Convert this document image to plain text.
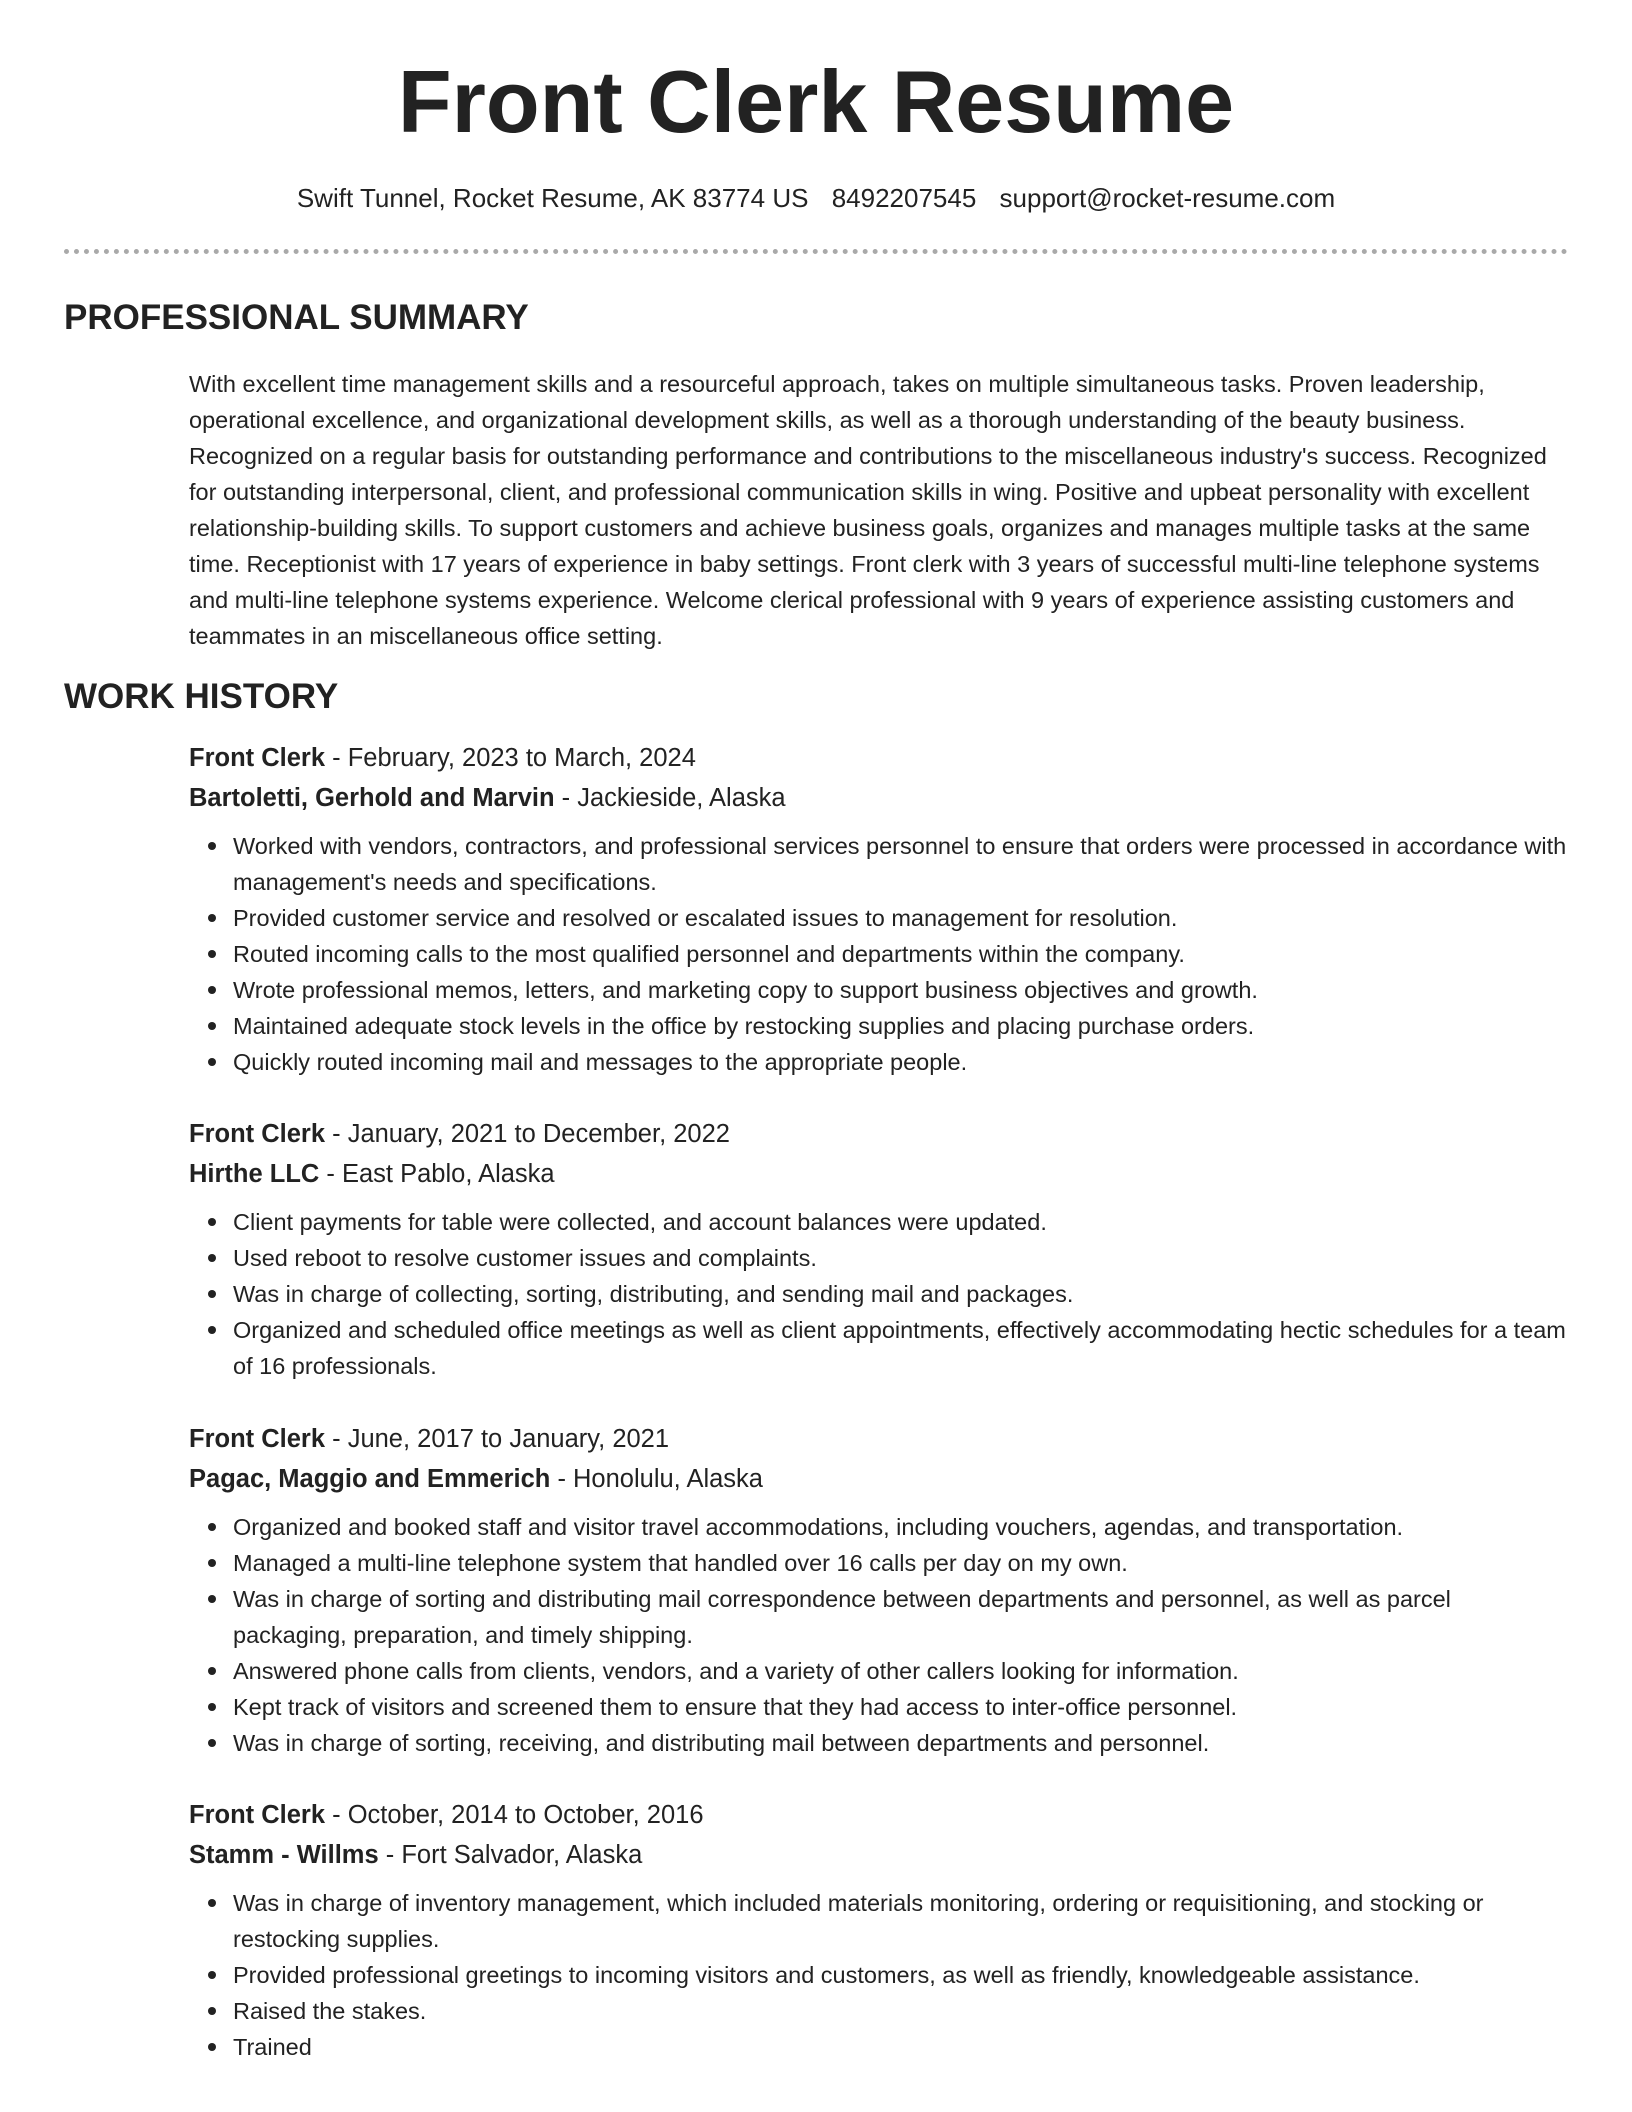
Front Clerk Resume
Swift Tunnel, Rocket Resume, AK 83774 US 8492207545 support@rocket-resume.com
PROFESSIONAL SUMMARY

With excellent time management skills and a resourceful approach, takes on multiple simultaneous tasks. Proven leadership, operational excellence, and organizational development skills, as well as a thorough understanding of the beauty business. Recognized on a regular basis for outstanding performance and contributions to the miscellaneous industry's success. Recognized for outstanding interpersonal, client, and professional communication skills in wing. Positive and upbeat personality with excellent relationship-building skills. To support customers and achieve business goals, organizes and manages multiple tasks at the same time. Receptionist with 17 years of experience in baby settings. Front clerk with 3 years of successful multi-line telephone systems and multi-line telephone systems experience. Welcome clerical professional with 9 years of experience assisting customers and teammates in an miscellaneous office setting.

WORK HISTORY

Front Clerk - February, 2023 to March, 2024

Bartoletti, Gerhold and Marvin - Jackieside, Alaska

Worked with vendors, contractors, and professional services personnel to ensure that orders were processed in accordance with management's needs and specifications.
Provided customer service and resolved or escalated issues to management for resolution.
Routed incoming calls to the most qualified personnel and departments within the company.
Wrote professional memos, letters, and marketing copy to support business objectives and growth.
Maintained adequate stock levels in the office by restocking supplies and placing purchase orders.
Quickly routed incoming mail and messages to the appropriate people.

Front Clerk - January, 2021 to December, 2022

Hirthe LLC - East Pablo, Alaska

Client payments for table were collected, and account balances were updated.
Used reboot to resolve customer issues and complaints.
Was in charge of collecting, sorting, distributing, and sending mail and packages.
Organized and scheduled office meetings as well as client appointments, effectively accommodating hectic schedules for a team of 16 professionals.

Front Clerk - June, 2017 to January, 2021

Pagac, Maggio and Emmerich - Honolulu, Alaska

Organized and booked staff and visitor travel accommodations, including vouchers, agendas, and transportation.
Managed a multi-line telephone system that handled over 16 calls per day on my own.
Was in charge of sorting and distributing mail correspondence between departments and personnel, as well as parcel packaging, preparation, and timely shipping.
Answered phone calls from clients, vendors, and a variety of other callers looking for information.
Kept track of visitors and screened them to ensure that they had access to inter-office personnel.
Was in charge of sorting, receiving, and distributing mail between departments and personnel.

Front Clerk - October, 2014 to October, 2016

Stamm - Willms - Fort Salvador, Alaska

Was in charge of inventory management, which included materials monitoring, ordering or requisitioning, and stocking or restocking supplies.
Provided professional greetings to incoming visitors and customers, as well as friendly, knowledgeable assistance.
Raised the stakes.
Trained
